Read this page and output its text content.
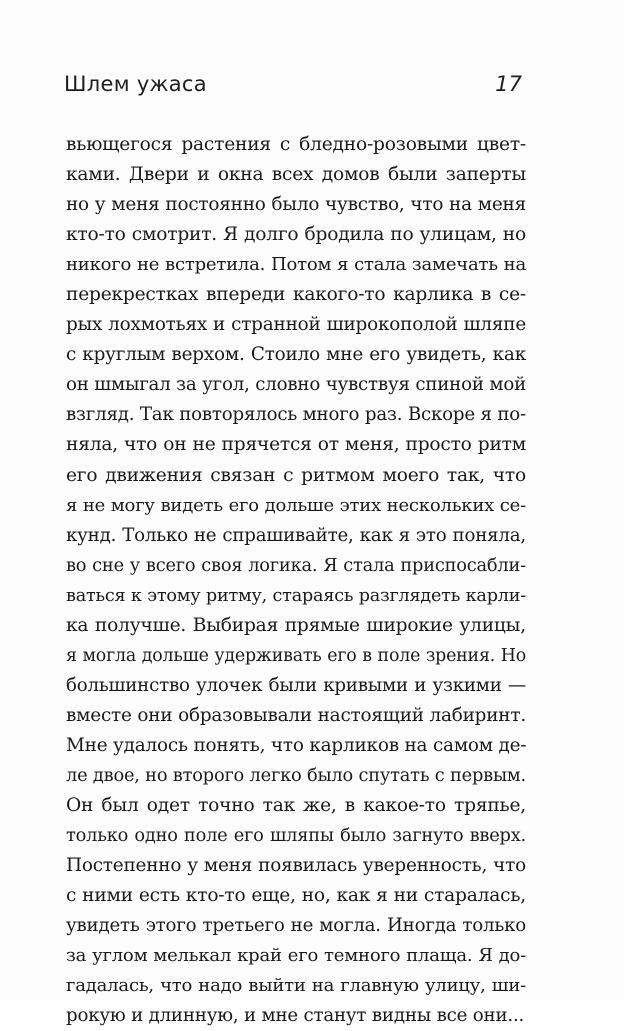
Шлем ужаса	17
вьющегося растения с бледно-розовыми цвет-
ками. Двери и окна всех домов были заперты
но у меня постоянно было чувство, что на меня
кто-то смотрит. Я долго бродила по улицам, но
никого не встретила. Потом я стала замечать на
перекрестках впереди какого-то карлика в се-
рых лохмотьях и странной широкополой шляпе
с круглым верхом. Стоило мне его увидеть, как
он шмыгал за угол, словно чувствуя спиной мой
взгляд. Так повторялось много раз. Вскоре я по-
няла, что он не прячется от меня, просто ритм
его движения связан с ритмом моего так, что
я не могу видеть его дольше этих нескольких се-
кунд. Только не спрашивайте, как я это поняла,
во сне у всего своя логика. Я стала приспосабли-
ваться к этому ритму, стараясь разглядеть карли-
ка получше. Выбирая прямые широкие улицы,
я могла дольше удерживать его в поле зрения. Но
большинство улочек были кривыми и узкими —
вместе они образовывали настоящий лабиринт.
Мне удалось понять, что карликов на самом де-
ле двое, но второго легко было спутать с первым.
Он был одет точно так же, в какое-то тряпье,
только одно поле его шляпы было загнуто вверх.
Постепенно у меня появилась уверенность, что
с ними есть кто-то еще, но, как я ни старалась,
увидеть этого третьего не могла. Иногда только
за углом мелькал край его темного плаща. Я до-
гадалась, что надо выйти на главную улицу, ши-
рокую и длинную, и мне станут видны все они...
